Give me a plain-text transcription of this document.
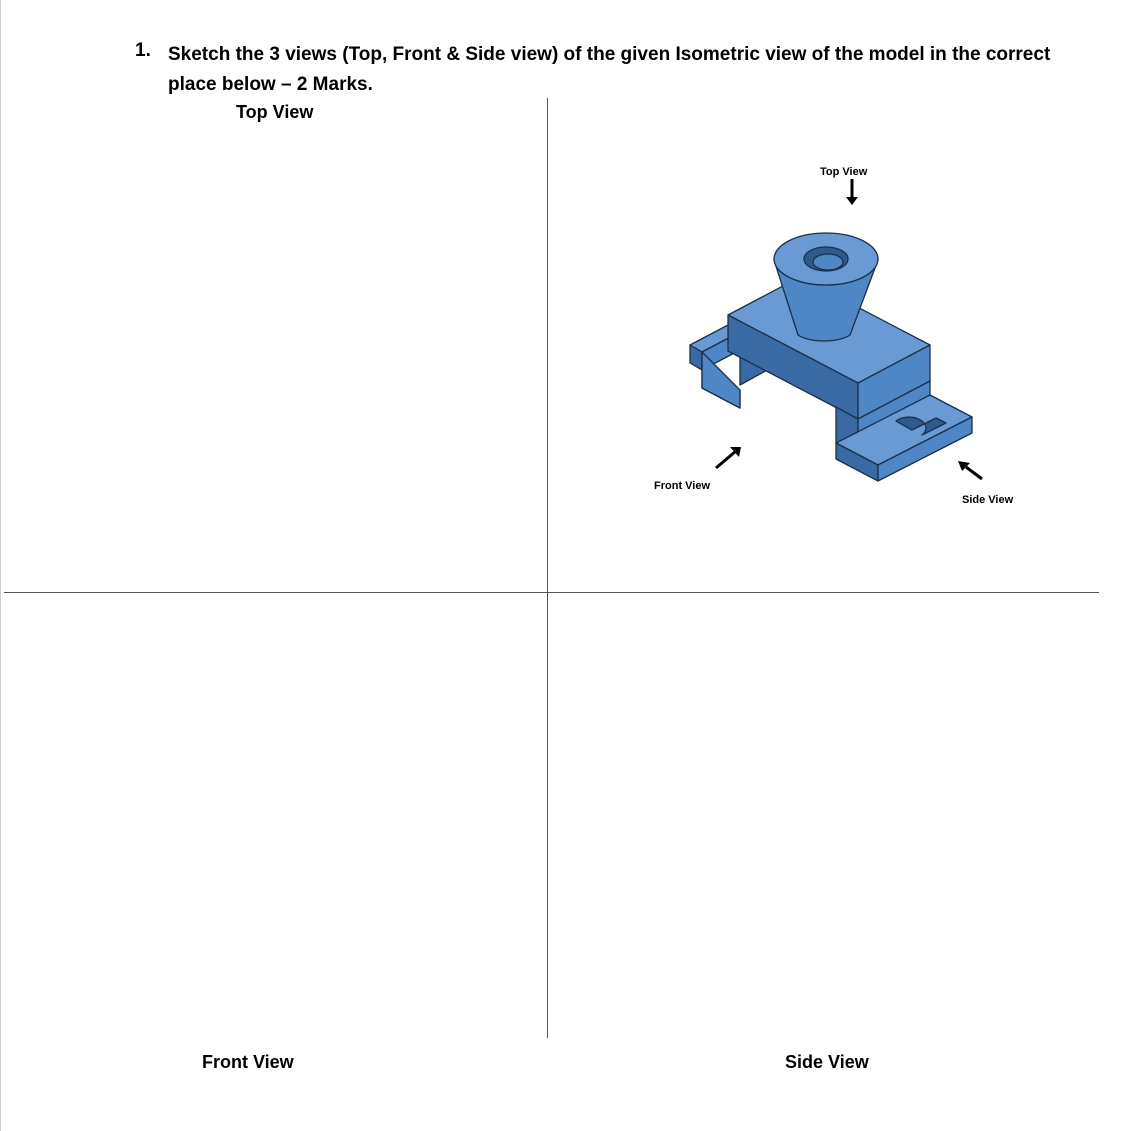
1. Sketch the 3 views (Top, Front & Side view) of the given Isometric view of the model in the correct place below – 2 Marks.
Top View
Top View
Front View
Side View
Front View	Side View
